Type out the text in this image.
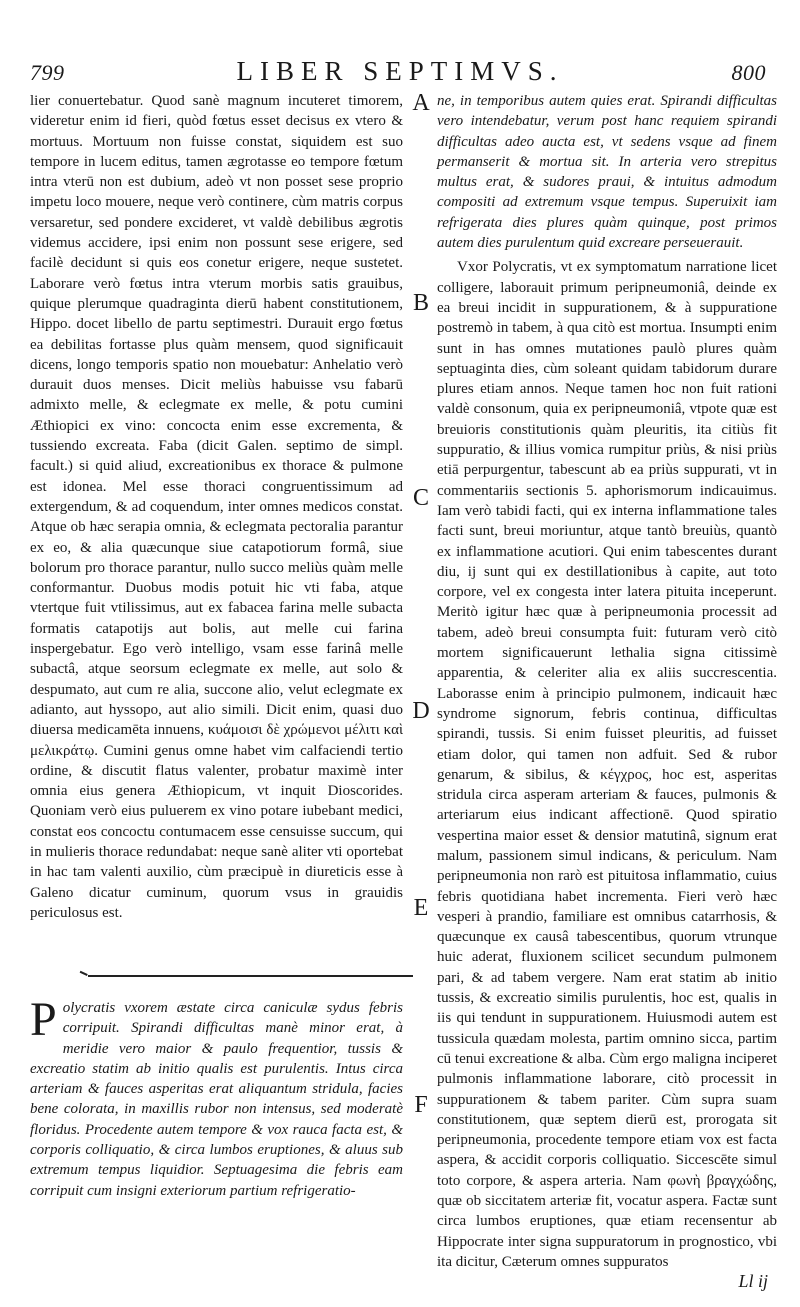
799	LIBER SEPTIMVS.	800

lier conuertebatur. Quod sanè magnum incuteret timorem, videretur enim id fieri, quòd fœtus esset decisus ex vtero & mortuus. Mortuum non fuisse constat, siquidem est suo tempore in lucem editus, tamen ægrotasse eo tempore fœtum intra vterū non est dubium, adeò vt non posset sese proprio impetu loco mouere, neque verò continere, cùm matris corpus versaretur, sed pondere excideret, vt valdè debilibus ægrotis videmus accidere, ipsi enim non possunt sese erigere, sed facilè decidunt si quis eos conetur erigere, neque sustetet. Laborare verò fœtus intra vterum morbis satis grauibus, quique plerumque quadraginta dierū habent constitutionem, Hippo. docet libello de partu septimestri. Durauit ergo fœtus ea debilitas fortasse plus quàm mensem, quod significauit dicens, longo temporis spatio non mouebatur: Anhelatio verò durauit duos menses. Dicit meliùs habuisse vsu fabarū admixto melle, & eclegmate ex melle, & potu cumini Æthiopici ex vino: concocta enim esse excrementa, & tussiendo excreata. Faba (dicit Galen. septimo de simpl. facult.) si quid aliud, excreationibus ex thorace & pulmone est idonea. Mel esse thoraci congruentissimum ad extergendum, & ad coquendum, inter omnes medicos constat. Atque ob hæc serapia omnia, & eclegmata pectoralia parantur ex eo, & alia quæcunque siue catapotiorum formâ, siue bolorum pro thorace parantur, nullo succo meliùs quàm melle conformantur. Duobus modis potuit hic vti faba, atque vtertque fuit vtilissimus, aut ex fabacea farina melle subacta formatis catapotijs aut bolis, aut melle cui farina inspergebatur. Ego verò intelligo, vsam esse farinâ melle subactâ, atque seorsum eclegmate ex melle, aut solo & despumato, aut cum re alia, succone alio, velut eclegmate ex adianto, aut hyssopo, aut alio simili. Dicit enim, quasi duo diuersa medicamēta innuens, κυάμοισι δὲ χρώμενοι μέλιτι καὶ μελικράτῳ. Cumini genus omne habet vim calfaciendi tertio ordine, & discutit flatus valenter, probatur maximè inter omnia eius genera Æthiopicum, vt inquit Dioscorides. Quoniam verò eius puluerem ex vino potare iubebant medici, constat eos concoctu contumacem esse censuisse succum, qui in mulieris thorace redundabat: neque sanè aliter vti oportebat in hac tam valenti auxilio, cùm præcipuè in diureticis esse à Galeno dicatur cuminum, quorum vsus in grauidis periculosus est.

Polycratis vxorem æstate circa caniculæ sydus febris corripuit. Spirandi difficultas manè minor erat, à meridie vero maior & paulo frequentior, tussis & excreatio statim ab initio qualis est purulentis. Intus circa arteriam & fauces asperitas erat aliquantum stridula, facies bene colorata, in maxillis rubor non intensus, sed moderatè floridus. Procedente autem tempore & vox rauca facta est, & corporis colliquatio, & circa lumbos eruptiones, & aluus sub extremum tempus liquidior. Septuagesima die febris eam corripuit cum insigni exteriorum partium refrigeratio-

A
B
C
D
E
F

ne, in temporibus autem quies erat. Spirandi difficultas vero intendebatur, verum post hanc requiem spirandi difficultas adeo aucta est, vt sedens vsque ad finem permanserit & mortua sit. In arteria vero strepitus multus erat, & sudores praui, & intuitus admodum compositi ad extremum vsque tempus. Superuixit iam refrigerata dies plures quàm quinque, post primos autem dies purulentum quid excreare perseuerauit.

Vxor Polycratis, vt ex symptomatum narratione licet colligere, laborauit primum peripneumoniâ, deinde ex ea breui incidit in suppurationem, & à suppuratione postremò in tabem, à qua citò est mortua. Insumpti enim sunt in has omnes mutationes paulò plures quàm septuaginta dies, cùm soleant quidam tabidorum durare plures etiam annos. Neque tamen hoc non fuit rationi valdè consonum, quia ex peripneumoniâ, vtpote quæ est breuioris constitutionis quàm pleuritis, ita citiùs fit suppuratio, & illius vomica rumpitur priùs, & nisi priùs etiā perpurgentur, tabescunt ab ea priùs suppurati, vt in commentariis sectionis 5. aphorismorum indicauimus. Iam verò tabidi facti, qui ex interna inflammatione tales facti sunt, breui moriuntur, atque tantò breuiùs, quantò ex inflammatione acutiori. Qui enim tabescentes durant diu, ij sunt qui ex destillationibus à capite, aut toto corpore, vel ex congesta inter latera pituita inceperunt. Meritò igitur hæc quæ à peripneumonia processit ad tabem, adeò breui consumpta fuit: futuram verò citò mortem significauerunt lethalia signa citissimè apparentia, & celeriter alia ex aliis succrescentia. Laborasse enim à principio pulmonem, indicauit hæc syndrome signorum, febris continua, difficultas spirandi, tussis. Si enim fuisset pleuritis, ad fuisset etiam dolor, qui tamen non adfuit. Sed & rubor genarum, & sibilus, & κέγχρος, hoc est, asperitas stridula circa asperam arteriam & fauces, pulmonis & arteriarum eius indicant affectionē. Quod spiratio vespertina maior esset & densior matutinâ, signum erat malum, passionem simul indicans, & periculum. Nam peripneumonia non rarò est pituitosa inflammatio, cuius febris quotidiana habet incrementa. Fieri verò hæc vesperi à prandio, familiare est omnibus catarrhosis, & quæcunque ex causâ tabescentibus, quorum vtrunque huic aderat, fluxionem scilicet secundum pulmonem pari, & ad tabem vergere. Nam erat statim ab initio tussis, & excreatio similis purulentis, hoc est, qualis in iis qui tendunt in suppurationem. Huiusmodi autem est tussicula quædam molesta, partim omnino sicca, partim cū tenui excreatione & alba. Cùm ergo maligna inciperet pulmonis inflammatione laborare, citò processit in suppurationem & tabem pariter. Cùm supra suam constitutionem, quæ septem dierū est, prorogata sit peripneumonia, procedente tempore etiam vox est facta aspera, & accidit corporis colliquatio. Siccescēte simul toto corpore, & aspera arteria. Nam φωνὴ βραγχώδης, quæ ob siccitatem arteriæ fit, vocatur aspera. Factæ sunt circa lumbos eruptiones, quæ etiam recensentur ab Hippocrate inter signa suppuratorum in prognostico, vbi ita dicitur, Cæterum omnes suppuratos

Ll ij
